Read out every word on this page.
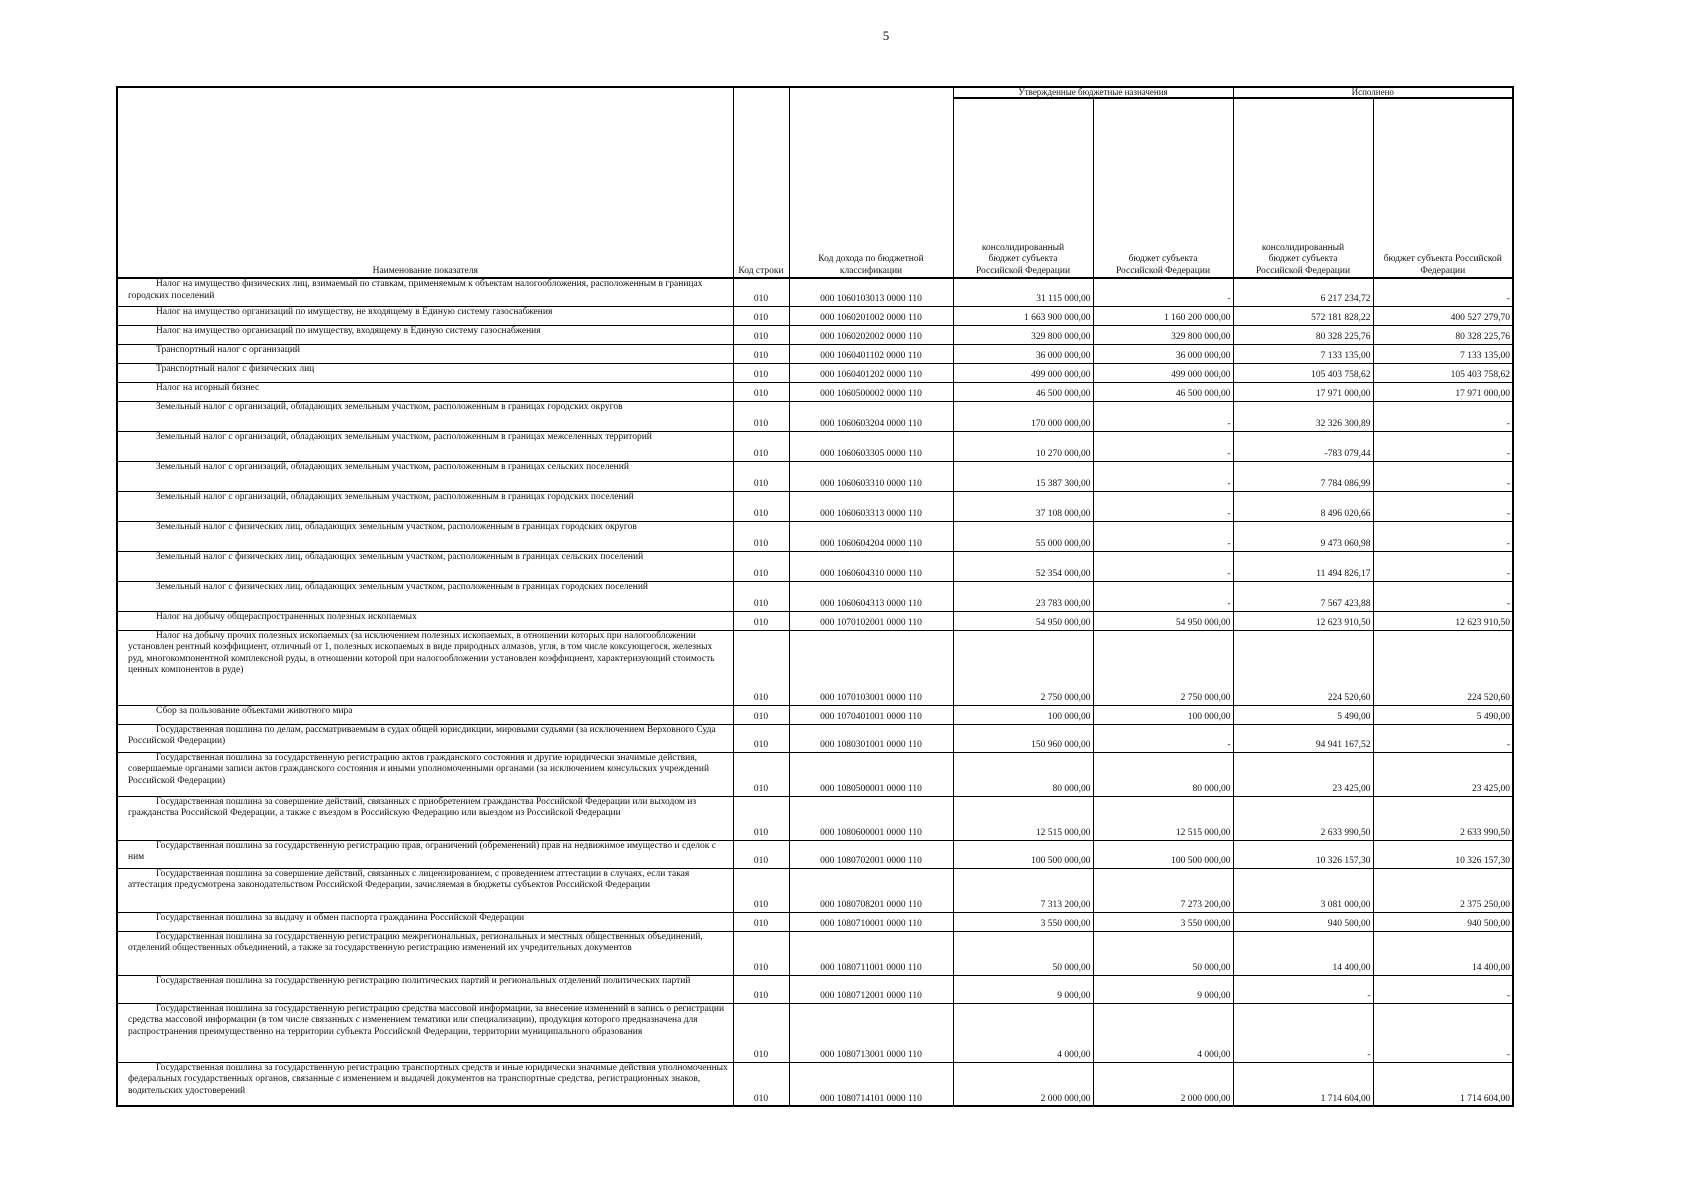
5
Наименование показателя	Код строки	Код дохода по бюджетной классификации	Утвержденные бюджетные назначения		Исполнено	
			консолидированный бюджет субъекта Российской Федерации	бюджет субъекта Российской Федерации	консолидированный бюджет субъекта Российской Федерации	бюджет субъекта Российской Федерации

Налог на имущество физических лиц, взимаемый по ставкам, применяемым к объектам налогообложения, расположенным в границах городских поселений	010	000 1060103013 0000 110	31 115 000,00	-	6 217 234,72	-

Налог на имущество организаций по имуществу, не входящему в Единую систему газоснабжения	010	000 1060201002 0000 110	1 663 900 000,00	1 160 200 000,00	572 181 828,22	400 527 279,70

Налог на имущество организаций по имуществу, входящему в Единую систему газоснабжения	010	000 1060202002 0000 110	329 800 000,00	329 800 000,00	80 328 225,76	80 328 225,76

Транспортный налог с организаций	010	000 1060401102 0000 110	36 000 000,00	36 000 000,00	7 133 135,00	7 133 135,00

Транспортный налог с физических лиц	010	000 1060401202 0000 110	499 000 000,00	499 000 000,00	105 403 758,62	105 403 758,62

Налог на игорный бизнес	010	000 1060500002 0000 110	46 500 000,00	46 500 000,00	17 971 000,00	17 971 000,00

Земельный налог с организаций, обладающих земельным участком, расположенным в границах городских округов	010	000 1060603204 0000 110	170 000 000,00	-	32 326 300,89	-

Земельный налог с организаций, обладающих земельным участком, расположенным в границах межселенных территорий	010	000 1060603305 0000 110	10 270 000,00	-	-783 079,44	-

Земельный налог с организаций, обладающих земельным участком, расположенным в границах сельских поселений	010	000 1060603310 0000 110	15 387 300,00	-	7 784 086,99	-

Земельный налог с организаций, обладающих земельным участком, расположенным в границах городских поселений	010	000 1060603313 0000 110	37 108 000,00	-	8 496 020,66	-

Земельный налог с физических лиц, обладающих земельным участком, расположенным в границах городских округов	010	000 1060604204 0000 110	55 000 000,00	-	9 473 060,98	-

Земельный налог с физических лиц, обладающих земельным участком, расположенным в границах сельских поселений	010	000 1060604310 0000 110	52 354 000,00	-	11 494 826,17	-

Земельный налог с физических лиц, обладающих земельным участком, расположенным в границах городских поселений	010	000 1060604313 0000 110	23 783 000,00	-	7 567 423,88	-

Налог на добычу общераспространенных полезных ископаемых	010	000 1070102001 0000 110	54 950 000,00	54 950 000,00	12 623 910,50	12 623 910,50

Налог на добычу прочих полезных ископаемых (за исключением полезных ископаемых, в отношении которых при налогообложении установлен рентный коэффициент, отличный от 1, полезных ископаемых в виде природных алмазов, угля, в том числе коксующегося, железных руд, многокомпонентной комплексной руды, в отношении которой при налогообложении установлен коэффициент, характеризующий стоимость ценных компонентов в руде)	010	000 1070103001 0000 110	2 750 000,00	2 750 000,00	224 520,60	224 520,60

Сбор за пользование объектами животного мира	010	000 1070401001 0000 110	100 000,00	100 000,00	5 490,00	5 490,00

Государственная пошлина по делам, рассматриваемым в судах общей юрисдикции, мировыми судьями (за исключением Верховного Суда Российской Федерации)	010	000 1080301001 0000 110	150 960 000,00	-	94 941 167,52	-

Государственная пошлина за государственную регистрацию актов гражданского состояния и другие юридически значимые действия, совершаемые органами записи актов гражданского состояния и иными уполномоченными органами (за исключением консульских учреждений Российской Федерации)	010	000 1080500001 0000 110	80 000,00	80 000,00	23 425,00	23 425,00

Государственная пошлина за совершение действий, связанных с приобретением гражданства Российской Федерации или выходом из гражданства Российской Федерации, а также с въездом в Российскую Федерацию или выездом из Российской Федерации	010	000 1080600001 0000 110	12 515 000,00	12 515 000,00	2 633 990,50	2 633 990,50

Государственная пошлина за государственную регистрацию прав, ограничений (обременений) прав на недвижимое имущество и сделок с ним	010	000 1080702001 0000 110	100 500 000,00	100 500 000,00	10 326 157,30	10 326 157,30

Государственная пошлина за совершение действий, связанных с лицензированием, с проведением аттестации в случаях, если такая аттестация предусмотрена законодательством Российской Федерации, зачисляемая в бюджеты субъектов Российской Федерации	010	000 1080708201 0000 110	7 313 200,00	7 273 200,00	3 081 000,00	2 375 250,00

Государственная пошлина за выдачу и обмен паспорта гражданина Российской Федерации	010	000 1080710001 0000 110	3 550 000,00	3 550 000,00	940 500,00	940 500,00

Государственная пошлина за государственную регистрацию межрегиональных, региональных и местных общественных объединений, отделений общественных объединений, а также за государственную регистрацию изменений их учредительных документов	010	000 1080711001 0000 110	50 000,00	50 000,00	14 400,00	14 400,00

Государственная пошлина за государственную регистрацию политических партий и региональных отделений политических партий	010	000 1080712001 0000 110	9 000,00	9 000,00	-	-

Государственная пошлина за государственную регистрацию средства массовой информации, за внесение изменений в запись о регистрации средства массовой информации (в том числе связанных с изменением тематики или специализации), продукция которого предназначена для распространения преимущественно на территории субъекта Российской Федерации, территории муниципального образования	010	000 1080713001 0000 110	4 000,00	4 000,00	-	-

Государственная пошлина за государственную регистрацию транспортных средств и иные юридически значимые действия уполномоченных федеральных государственных органов, связанные с изменением и выдачей документов на транспортные средства, регистрационных знаков, водительских удостоверений	010	000 1080714101 0000 110	2 000 000,00	2 000 000,00	1 714 604,00	1 714 604,00
